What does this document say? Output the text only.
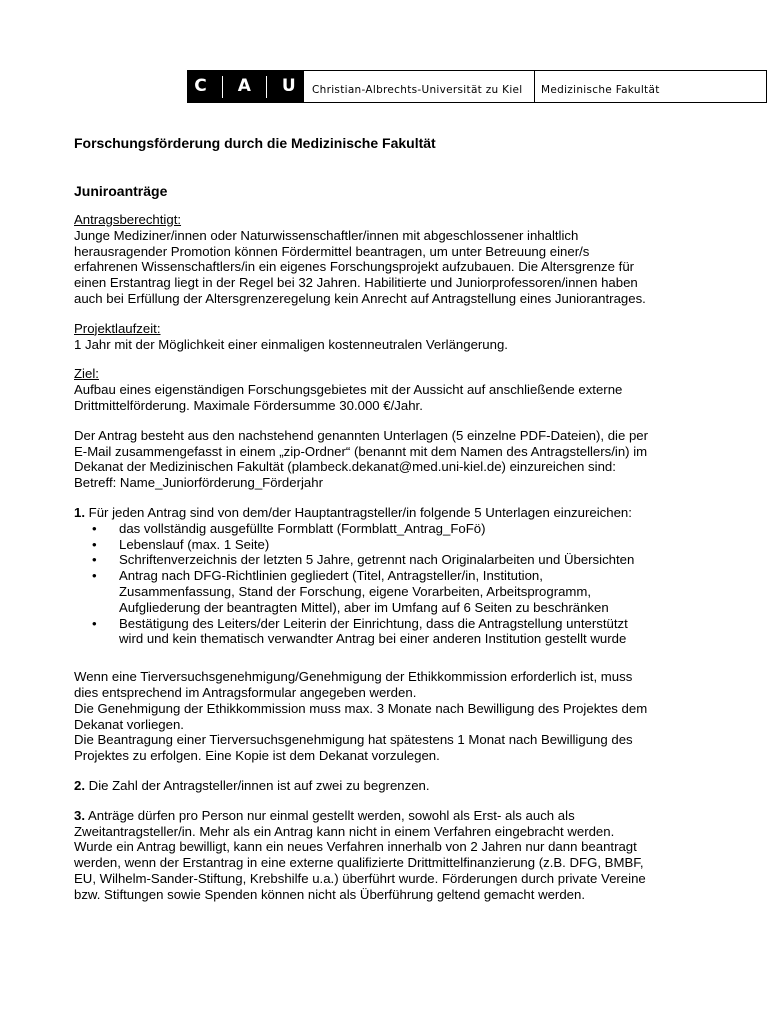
C A U	Christian-Albrechts-Universität zu Kiel	Medizinische Fakultät
Forschungsförderung durch die Medizinische Fakultät
Juniroanträge
Antragsberechtigt:

Junge Mediziner/innen oder Naturwissenschaftler/innen mit abgeschlossener inhaltlich

herausragender Promotion können Fördermittel beantragen, um unter Betreuung einer/s

erfahrenen Wissenschaftlers/in ein eigenes Forschungsprojekt aufzubauen. Die Altersgrenze für

einen Erstantrag liegt in der Regel bei 32 Jahren. Habilitierte und Juniorprofessoren/innen haben

auch bei Erfüllung der Altersgrenzeregelung kein Anrecht auf Antragstellung eines Juniorantrages.

Projektlaufzeit:

1 Jahr mit der Möglichkeit einer einmaligen kostenneutralen Verlängerung.

Ziel:

Aufbau eines eigenständigen Forschungsgebietes mit der Aussicht auf anschließende externe

Drittmittelförderung. Maximale Fördersumme 30.000 €/Jahr.

Der Antrag besteht aus den nachstehend genannten Unterlagen (5 einzelne PDF-Dateien), die per

E-Mail zusammengefasst in einem „zip-Ordner“ (benannt mit dem Namen des Antragstellers/in) im

Dekanat der Medizinischen Fakultät (plambeck.dekanat@med.uni-kiel.de) einzureichen sind:

Betreff: Name_Juniorförderung_Förderjahr

1. Für jeden Antrag sind von dem/der Hauptantragsteller/in folgende 5 Unterlagen einzureichen:

• das vollständig ausgefüllte Formblatt (Formblatt_Antrag_FoFö)
• Lebenslauf (max. 1 Seite)
• Schriftenverzeichnis der letzten 5 Jahre, getrennt nach Originalarbeiten und Übersichten
• Antrag nach DFG-Richtlinien gegliedert (Titel, Antragsteller/in, Institution,
Zusammenfassung, Stand der Forschung, eigene Vorarbeiten, Arbeitsprogramm,
Aufgliederung der beantragten Mittel), aber im Umfang auf 6 Seiten zu beschränken
• Bestätigung des Leiters/der Leiterin der Einrichtung, dass die Antragstellung unterstützt
wird und kein thematisch verwandter Antrag bei einer anderen Institution gestellt wurde

Wenn eine Tierversuchsgenehmigung/Genehmigung der Ethikkommission erforderlich ist, muss

dies entsprechend im Antragsformular angegeben werden.

Die Genehmigung der Ethikkommission muss max. 3 Monate nach Bewilligung des Projektes dem

Dekanat vorliegen.

Die Beantragung einer Tierversuchsgenehmigung hat spätestens 1 Monat nach Bewilligung des

Projektes zu erfolgen. Eine Kopie ist dem Dekanat vorzulegen.

2. Die Zahl der Antragsteller/innen ist auf zwei zu begrenzen.

3. Anträge dürfen pro Person nur einmal gestellt werden, sowohl als Erst- als auch als

Zweitantragsteller/in. Mehr als ein Antrag kann nicht in einem Verfahren eingebracht werden.

Wurde ein Antrag bewilligt, kann ein neues Verfahren innerhalb von 2 Jahren nur dann beantragt

werden, wenn der Erstantrag in eine externe qualifizierte Drittmittelfinanzierung (z.B. DFG, BMBF,

EU, Wilhelm-Sander-Stiftung, Krebshilfe u.a.) überführt wurde. Förderungen durch private Vereine

bzw. Stiftungen sowie Spenden können nicht als Überführung geltend gemacht werden.
